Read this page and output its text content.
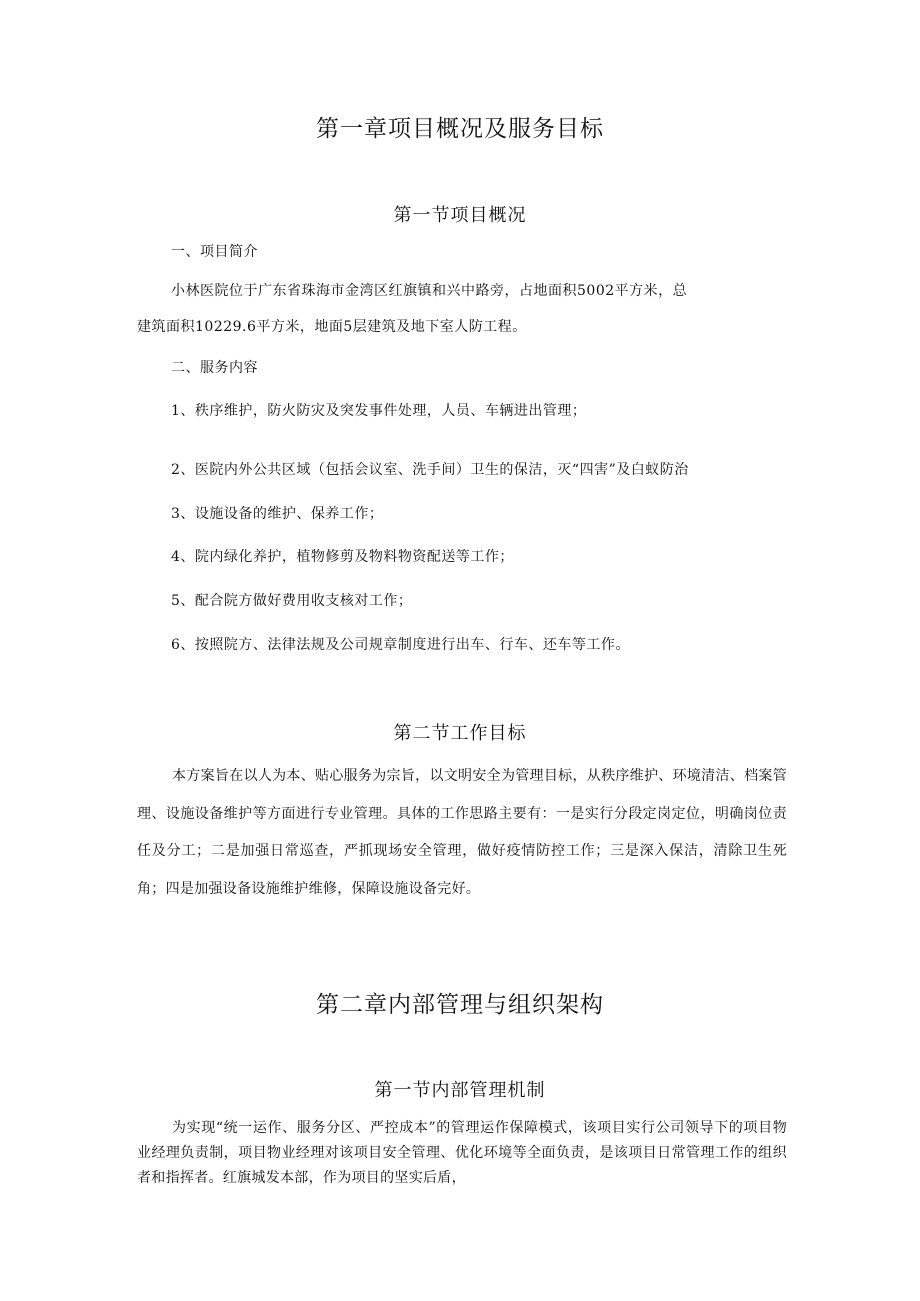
第一章项目概况及服务目标
第一节项目概况
一、项目简介
小林医院位于广东省珠海市金湾区红旗镇和兴中路旁，占地面积5002平方米，总
建筑面积10229.6平方米，地面5层建筑及地下室人防工程。
二、服务内容
1、秩序维护，防火防灾及突发事件处理，人员、车辆进出管理；
2、医院内外公共区域（包括会议室、洗手间）卫生的保洁，灭“四害”及白蚁防治
3、设施设备的维护、保养工作；
4、院内绿化养护，植物修剪及物料物资配送等工作；
5、配合院方做好费用收支核对工作；
6、按照院方、法律法规及公司规章制度进行出车、行车、还车等工作。
第二节工作目标
本方案旨在以人为本、贴心服务为宗旨，以文明安全为管理目标，从秩序维护、环境清洁、档案管理、设施设备维护等方面进行专业管理。具体的工作思路主要有：一是实行分段定岗定位，明确岗位责任及分工；二是加强日常巡查，严抓现场安全管理，做好疫情防控工作；三是深入保洁，清除卫生死角；四是加强设备设施维护维修，保障设施设备完好。
第二章内部管理与组织架构
第一节内部管理机制
为实现“统一运作、服务分区、严控成本”的管理运作保障模式，该项目实行公司领导下的项目物业经理负责制，项目物业经理对该项目安全管理、优化环境等全面负责，是该项目日常管理工作的组织者和指挥者。红旗城发本部，作为项目的坚实后盾，
